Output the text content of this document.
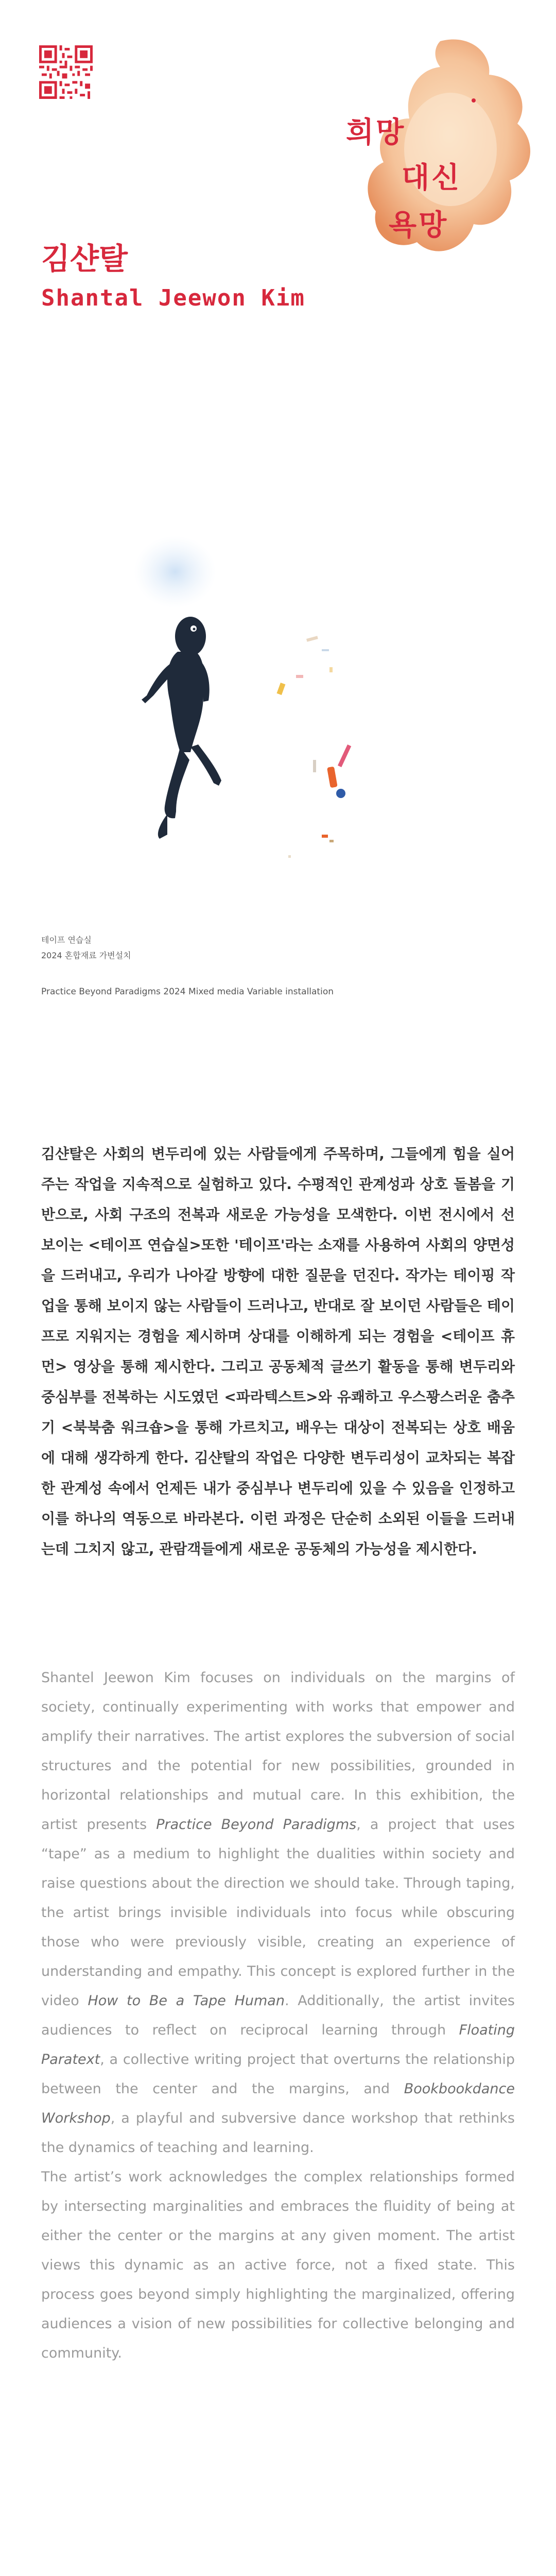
희망
대신
욕망
김샨탈
Shantal Jeewon Kim
테이프 연습실
2024 혼합재료 가변설치
Practice Beyond Paradigms 2024 Mixed media Variable installation

김샨탈은 사회의 변두리에 있는 사람들에게 주목하며, 그들에게 힘을 실어주는 작업을 지속적으로 실험하고 있다. 수평적인 관계성과 상호 돌봄을 기반으로, 사회 구조의 전복과 새로운 가능성을 모색한다. 이번 전시에서 선보이는 <테이프 연습실>또한 '테이프'라는 소재를 사용하여 사회의 양면성을 드러내고, 우리가 나아갈 방향에 대한 질문을 던진다. 작가는 테이핑 작업을 통해 보이지 않는 사람들이 드러나고, 반대로 잘 보이던 사람들은 테이프로 지워지는 경험을 제시하며 상대를 이해하게 되는 경험을 <테이프 휴먼> 영상을 통해 제시한다. 그리고 공동체적 글쓰기 활동을 통해 변두리와 중심부를 전복하는 시도였던 <파라텍스트>와 유쾌하고 우스꽝스러운 춤추기 <북북춤 워크숍>을 통해 가르치고, 배우는 대상이 전복되는 상호 배움에 대해 생각하게 한다. 김샨탈의 작업은 다양한 변두리성이 교차되는 복잡한 관계성 속에서 언제든 내가 중심부나 변두리에 있을 수 있음을 인정하고 이를 하나의 역동으로 바라본다. 이런 과정은 단순히 소외된 이들을 드러내는데 그치지 않고, 관람객들에게 새로운 공동체의 가능성을 제시한다.

Shantel Jeewon Kim focuses on individuals on the margins of society, continually experimenting with works that empower and amplify their narratives. The artist explores the subversion of social structures and the potential for new possibilities, grounded in horizontal relationships and mutual care. In this exhibition, the artist presents Practice Beyond Paradigms, a project that uses “tape” as a medium to highlight the dualities within society and raise questions about the direction we should take. Through taping, the artist brings invisible individuals into focus while obscuring those who were previously visible, creating an experience of understanding and empathy. This concept is explored further in the video How to Be a Tape Human. Additionally, the artist invites audiences to reflect on reciprocal learning through Floating Paratext, a collective writing project that overturns the relationship between the center and the margins, and Bookbookdance Workshop, a playful and subversive dance workshop that rethinks the dynamics of teaching and learning.

The artist’s work acknowledges the complex relationships formed by intersecting marginalities and embraces the fluidity of being at either the center or the margins at any given moment. The artist views this dynamic as an active force, not a fixed state. This process goes beyond simply highlighting the marginalized, offering audiences a vision of new possibilities for collective belonging and community.
